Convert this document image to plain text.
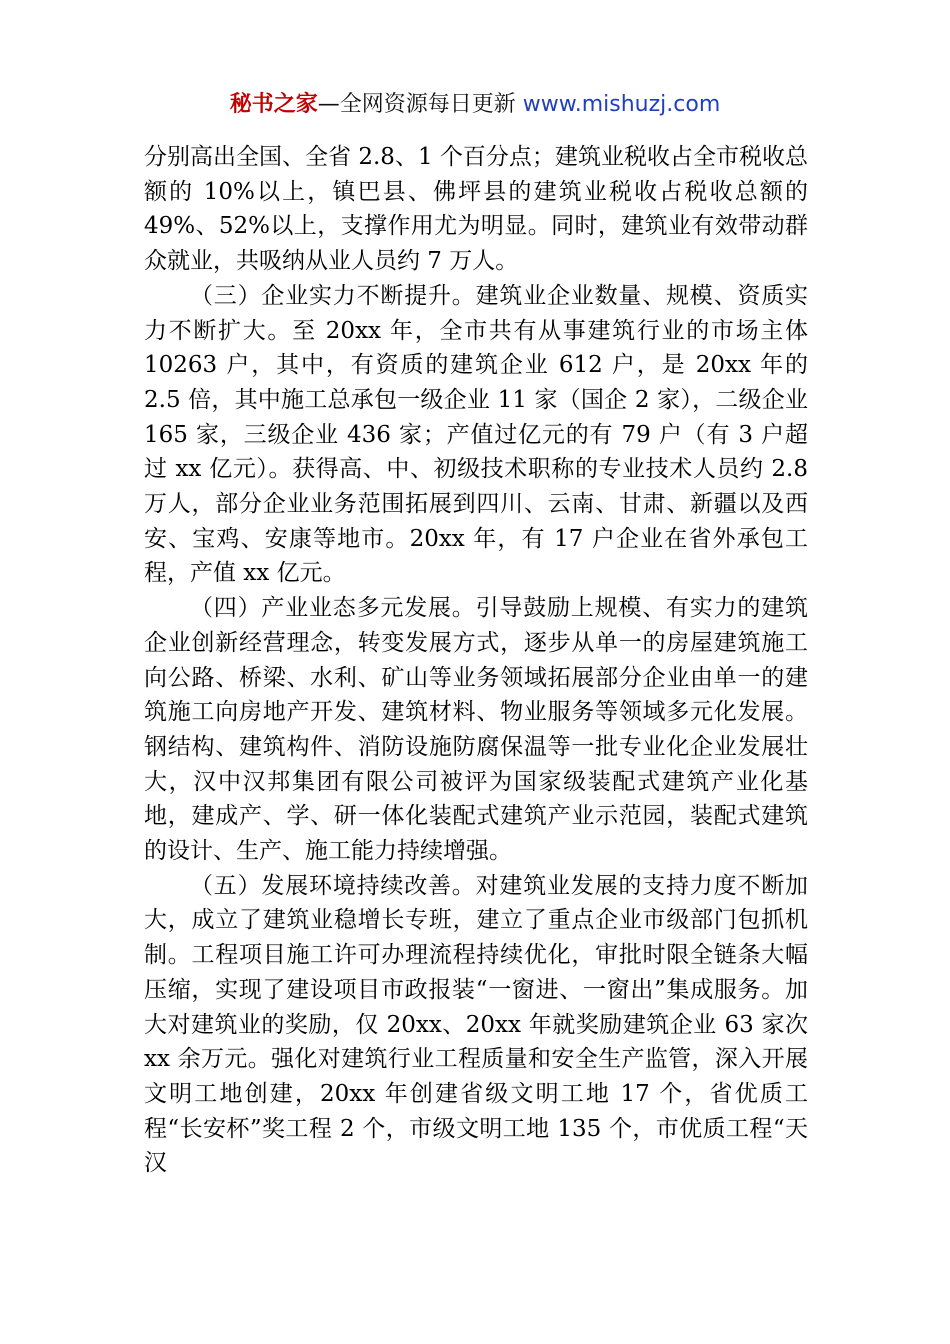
秘书之家—全网资源每日更新 www.mishuzj.com

分别高出全国、全省 2.8、1 个百分点；建筑业税收占全市税收总额的 10%以上，镇巴县、佛坪县的建筑业税收占税收总额的 49%、52%以上，支撑作用尤为明显。同时，建筑业有效带动群众就业，共吸纳从业人员约 7 万人。

（三）企业实力不断提升。建筑业企业数量、规模、资质实力不断扩大。至 20xx 年，全市共有从事建筑行业的市场主体 10263 户，其中，有资质的建筑企业 612 户，是 20xx 年的 2.5 倍，其中施工总承包一级企业 11 家（国企 2 家），二级企业 165 家，三级企业 436 家；产值过亿元的有 79 户（有 3 户超过 xx 亿元）。获得高、中、初级技术职称的专业技术人员约 2.8 万人，部分企业业务范围拓展到四川、云南、甘肃、新疆以及西安、宝鸡、安康等地市。20xx 年，有 17 户企业在省外承包工程，产值 xx 亿元。

（四）产业业态多元发展。引导鼓励上规模、有实力的建筑企业创新经营理念，转变发展方式，逐步从单一的房屋建筑施工向公路、桥梁、水利、矿山等业务领域拓展部分企业由单一的建筑施工向房地产开发、建筑材料、物业服务等领域多元化发展。钢结构、建筑构件、消防设施防腐保温等一批专业化企业发展壮大，汉中汉邦集团有限公司被评为国家级装配式建筑产业化基地，建成产、学、研一体化装配式建筑产业示范园，装配式建筑的设计、生产、施工能力持续增强。

（五）发展环境持续改善。对建筑业发展的支持力度不断加大，成立了建筑业稳增长专班，建立了重点企业市级部门包抓机制。工程项目施工许可办理流程持续优化，审批时限全链条大幅压缩，实现了建设项目市政报装“一窗进、一窗出”集成服务。加大对建筑业的奖励，仅 20xx、20xx 年就奖励建筑企业 63 家次 xx 余万元。强化对建筑行业工程质量和安全生产监管，深入开展文明工地创建，20xx 年创建省级文明工地 17 个，省优质工程“长安杯”奖工程 2 个，市级文明工地 135 个，市优质工程“天汉
